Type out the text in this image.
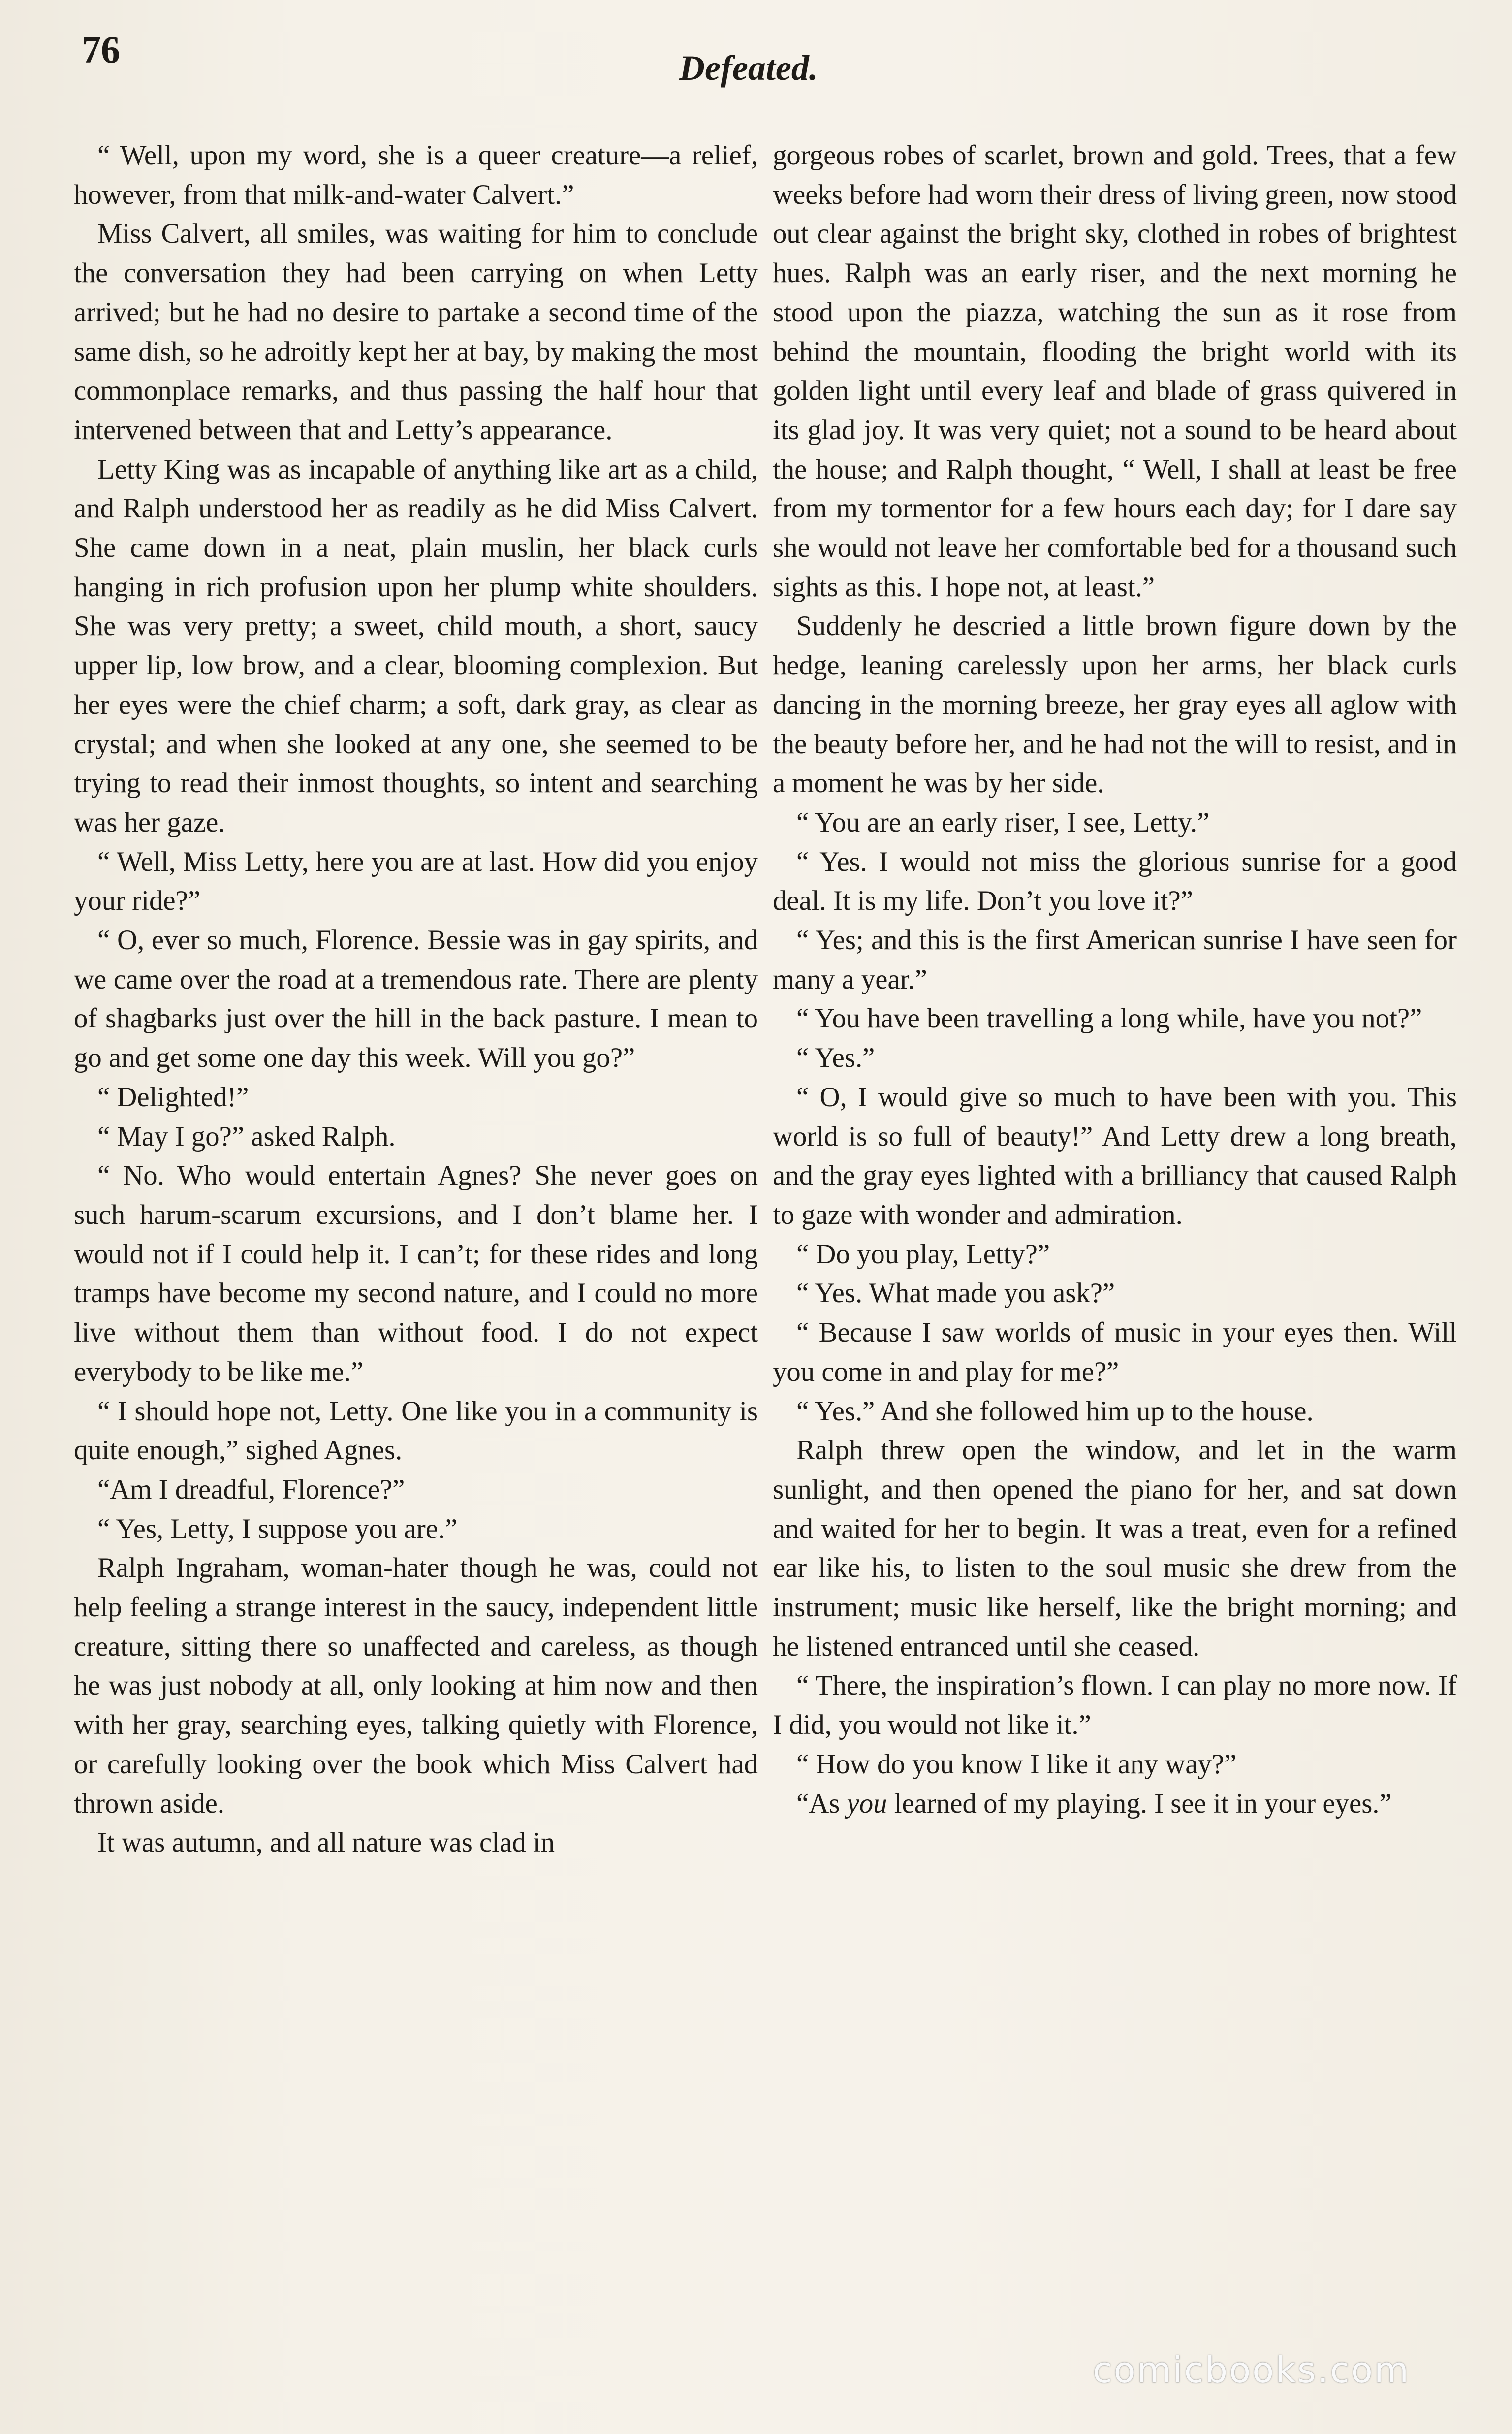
76	Defeated.

“ Well, upon my word, she is a queer creature—a relief, however, from that milk-and-water Calvert.”

Miss Calvert, all smiles, was waiting for him to conclude the conversation they had been carrying on when Letty arrived; but he had no desire to partake a second time of the same dish, so he adroitly kept her at bay, by making the most commonplace remarks, and thus passing the half hour that intervened between that and Letty’s appearance.

Letty King was as incapable of anything like art as a child, and Ralph understood her as readily as he did Miss Calvert. She came down in a neat, plain muslin, her black curls hanging in rich profusion upon her plump white shoulders. She was very pretty; a sweet, child mouth, a short, saucy upper lip, low brow, and a clear, blooming complexion. But her eyes were the chief charm; a soft, dark gray, as clear as crystal; and when she looked at any one, she seemed to be trying to read their inmost thoughts, so intent and searching was her gaze.

“ Well, Miss Letty, here you are at last. How did you enjoy your ride?”

“ O, ever so much, Florence. Bessie was in gay spirits, and we came over the road at a tremendous rate. There are plenty of shagbarks just over the hill in the back pasture. I mean to go and get some one day this week. Will you go?”

“ Delighted!”

“ May I go?” asked Ralph.

“ No. Who would entertain Agnes? She never goes on such harum-scarum excursions, and I don’t blame her. I would not if I could help it. I can’t; for these rides and long tramps have become my second nature, and I could no more live without them than without food. I do not expect everybody to be like me.”

“ I should hope not, Letty. One like you in a community is quite enough,” sighed Agnes.

“Am I dreadful, Florence?”

“ Yes, Letty, I suppose you are.”

Ralph Ingraham, woman-hater though he was, could not help feeling a strange interest in the saucy, independent little creature, sitting there so unaffected and careless, as though he was just nobody at all, only looking at him now and then with her gray, searching eyes, talking quietly with Florence, or carefully looking over the book which Miss Calvert had thrown aside.

It was autumn, and all nature was clad in

gorgeous robes of scarlet, brown and gold. Trees, that a few weeks before had worn their dress of living green, now stood out clear against the bright sky, clothed in robes of brightest hues. Ralph was an early riser, and the next morning he stood upon the piazza, watching the sun as it rose from behind the mountain, flooding the bright world with its golden light until every leaf and blade of grass quivered in its glad joy. It was very quiet; not a sound to be heard about the house; and Ralph thought, “ Well, I shall at least be free from my tormentor for a few hours each day; for I dare say she would not leave her comfortable bed for a thousand such sights as this. I hope not, at least.”

Suddenly he descried a little brown figure down by the hedge, leaning carelessly upon her arms, her black curls dancing in the morning breeze, her gray eyes all aglow with the beauty before her, and he had not the will to resist, and in a moment he was by her side.

“ You are an early riser, I see, Letty.”

“ Yes. I would not miss the glorious sunrise for a good deal. It is my life. Don’t you love it?”

“ Yes; and this is the first American sunrise I have seen for many a year.”

“ You have been travelling a long while, have you not?”

“ Yes.”

“ O, I would give so much to have been with you. This world is so full of beauty!” And Letty drew a long breath, and the gray eyes lighted with a brilliancy that caused Ralph to gaze with wonder and admiration.

“ Do you play, Letty?”

“ Yes. What made you ask?”

“ Because I saw worlds of music in your eyes then. Will you come in and play for me?”

“ Yes.” And she followed him up to the house.

Ralph threw open the window, and let in the warm sunlight, and then opened the piano for her, and sat down and waited for her to begin. It was a treat, even for a refined ear like his, to listen to the soul music she drew from the instrument; music like herself, like the bright morning; and he listened entranced until she ceased.

“ There, the inspiration’s flown. I can play no more now. If I did, you would not like it.”

“ How do you know I like it any way?”

“As you learned of my playing. I see it in your eyes.”

comicbooks.com
